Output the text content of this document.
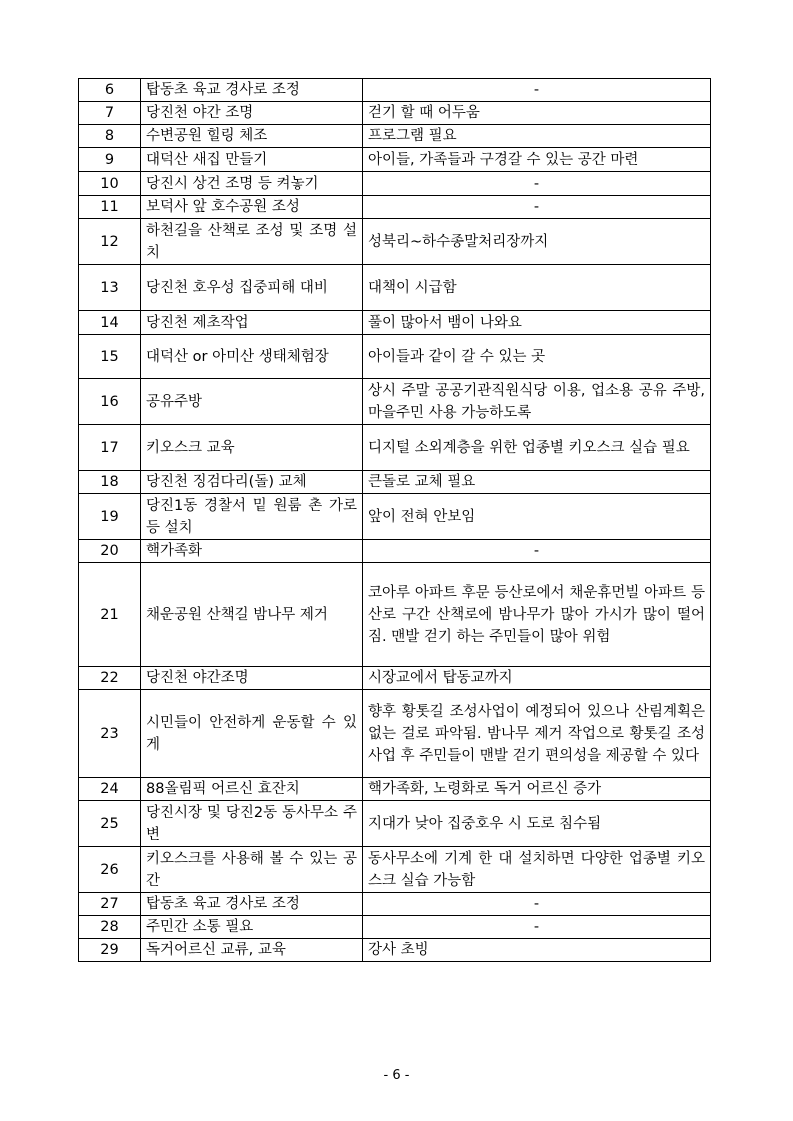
6	탑동초 육교 경사로 조정	-
7	당진천 야간 조명	걷기 할 때 어두움
8	수변공원 힐링 체조	프로그램 필요
9	대덕산 새집 만들기	아이들, 가족들과 구경갈 수 있는 공간 마련
10	당진시 상건 조명 등 켜놓기	-
11	보덕사 앞 호수공원 조성	-
12	하천길을 산책로 조성 및 조명 설치	성북리~하수종말처리장까지
13	당진천 호우성 집중피해 대비	대책이 시급함
14	당진천 제초작업	풀이 많아서 뱀이 나와요
15	대덕산 or 아미산 생태체험장	아이들과 같이 갈 수 있는 곳
16	공유주방	상시 주말 공공기관직원식당 이용, 업소용 공유 주방, 마을주민 사용 가능하도록
17	키오스크 교육	디지털 소외계층을 위한 업종별 키오스크 실습 필요
18	당진천 징검다리(돌) 교체	큰돌로 교체 필요
19	당진1동 경찰서 밑 원룸 촌 가로등 설치	앞이 전혀 안보임
20	핵가족화	-
21	채운공원 산책길 밤나무 제거	코아루 아파트 후문 등산로에서 채운휴먼빌 아파트 등산로 구간 산책로에 밤나무가 많아 가시가 많이 떨어짐. 맨발 걷기 하는 주민들이 많아 위험
22	당진천 야간조명	시장교에서 탑동교까지
23	시민들이 안전하게 운동할 수 있게	향후 황톳길 조성사업이 예정되어 있으나 산림계획은 없는 걸로 파악됨. 밤나무 제거 작업으로 황톳길 조성사업 후 주민들이 맨발 걷기 편의성을 제공할 수 있다
24	88올림픽 어르신 효잔치	핵가족화, 노령화로 독거 어르신 증가
25	당진시장 및 당진2동 동사무소 주변	지대가 낮아 집중호우 시 도로 침수됨
26	키오스크를 사용해 볼 수 있는 공간	동사무소에 기계 한 대 설치하면 다양한 업종별 키오스크 실습 가능함
27	탑동초 육교 경사로 조정	-
28	주민간 소통 필요	-
29	독거어르신 교류, 교육	강사 초빙
- 6 -
